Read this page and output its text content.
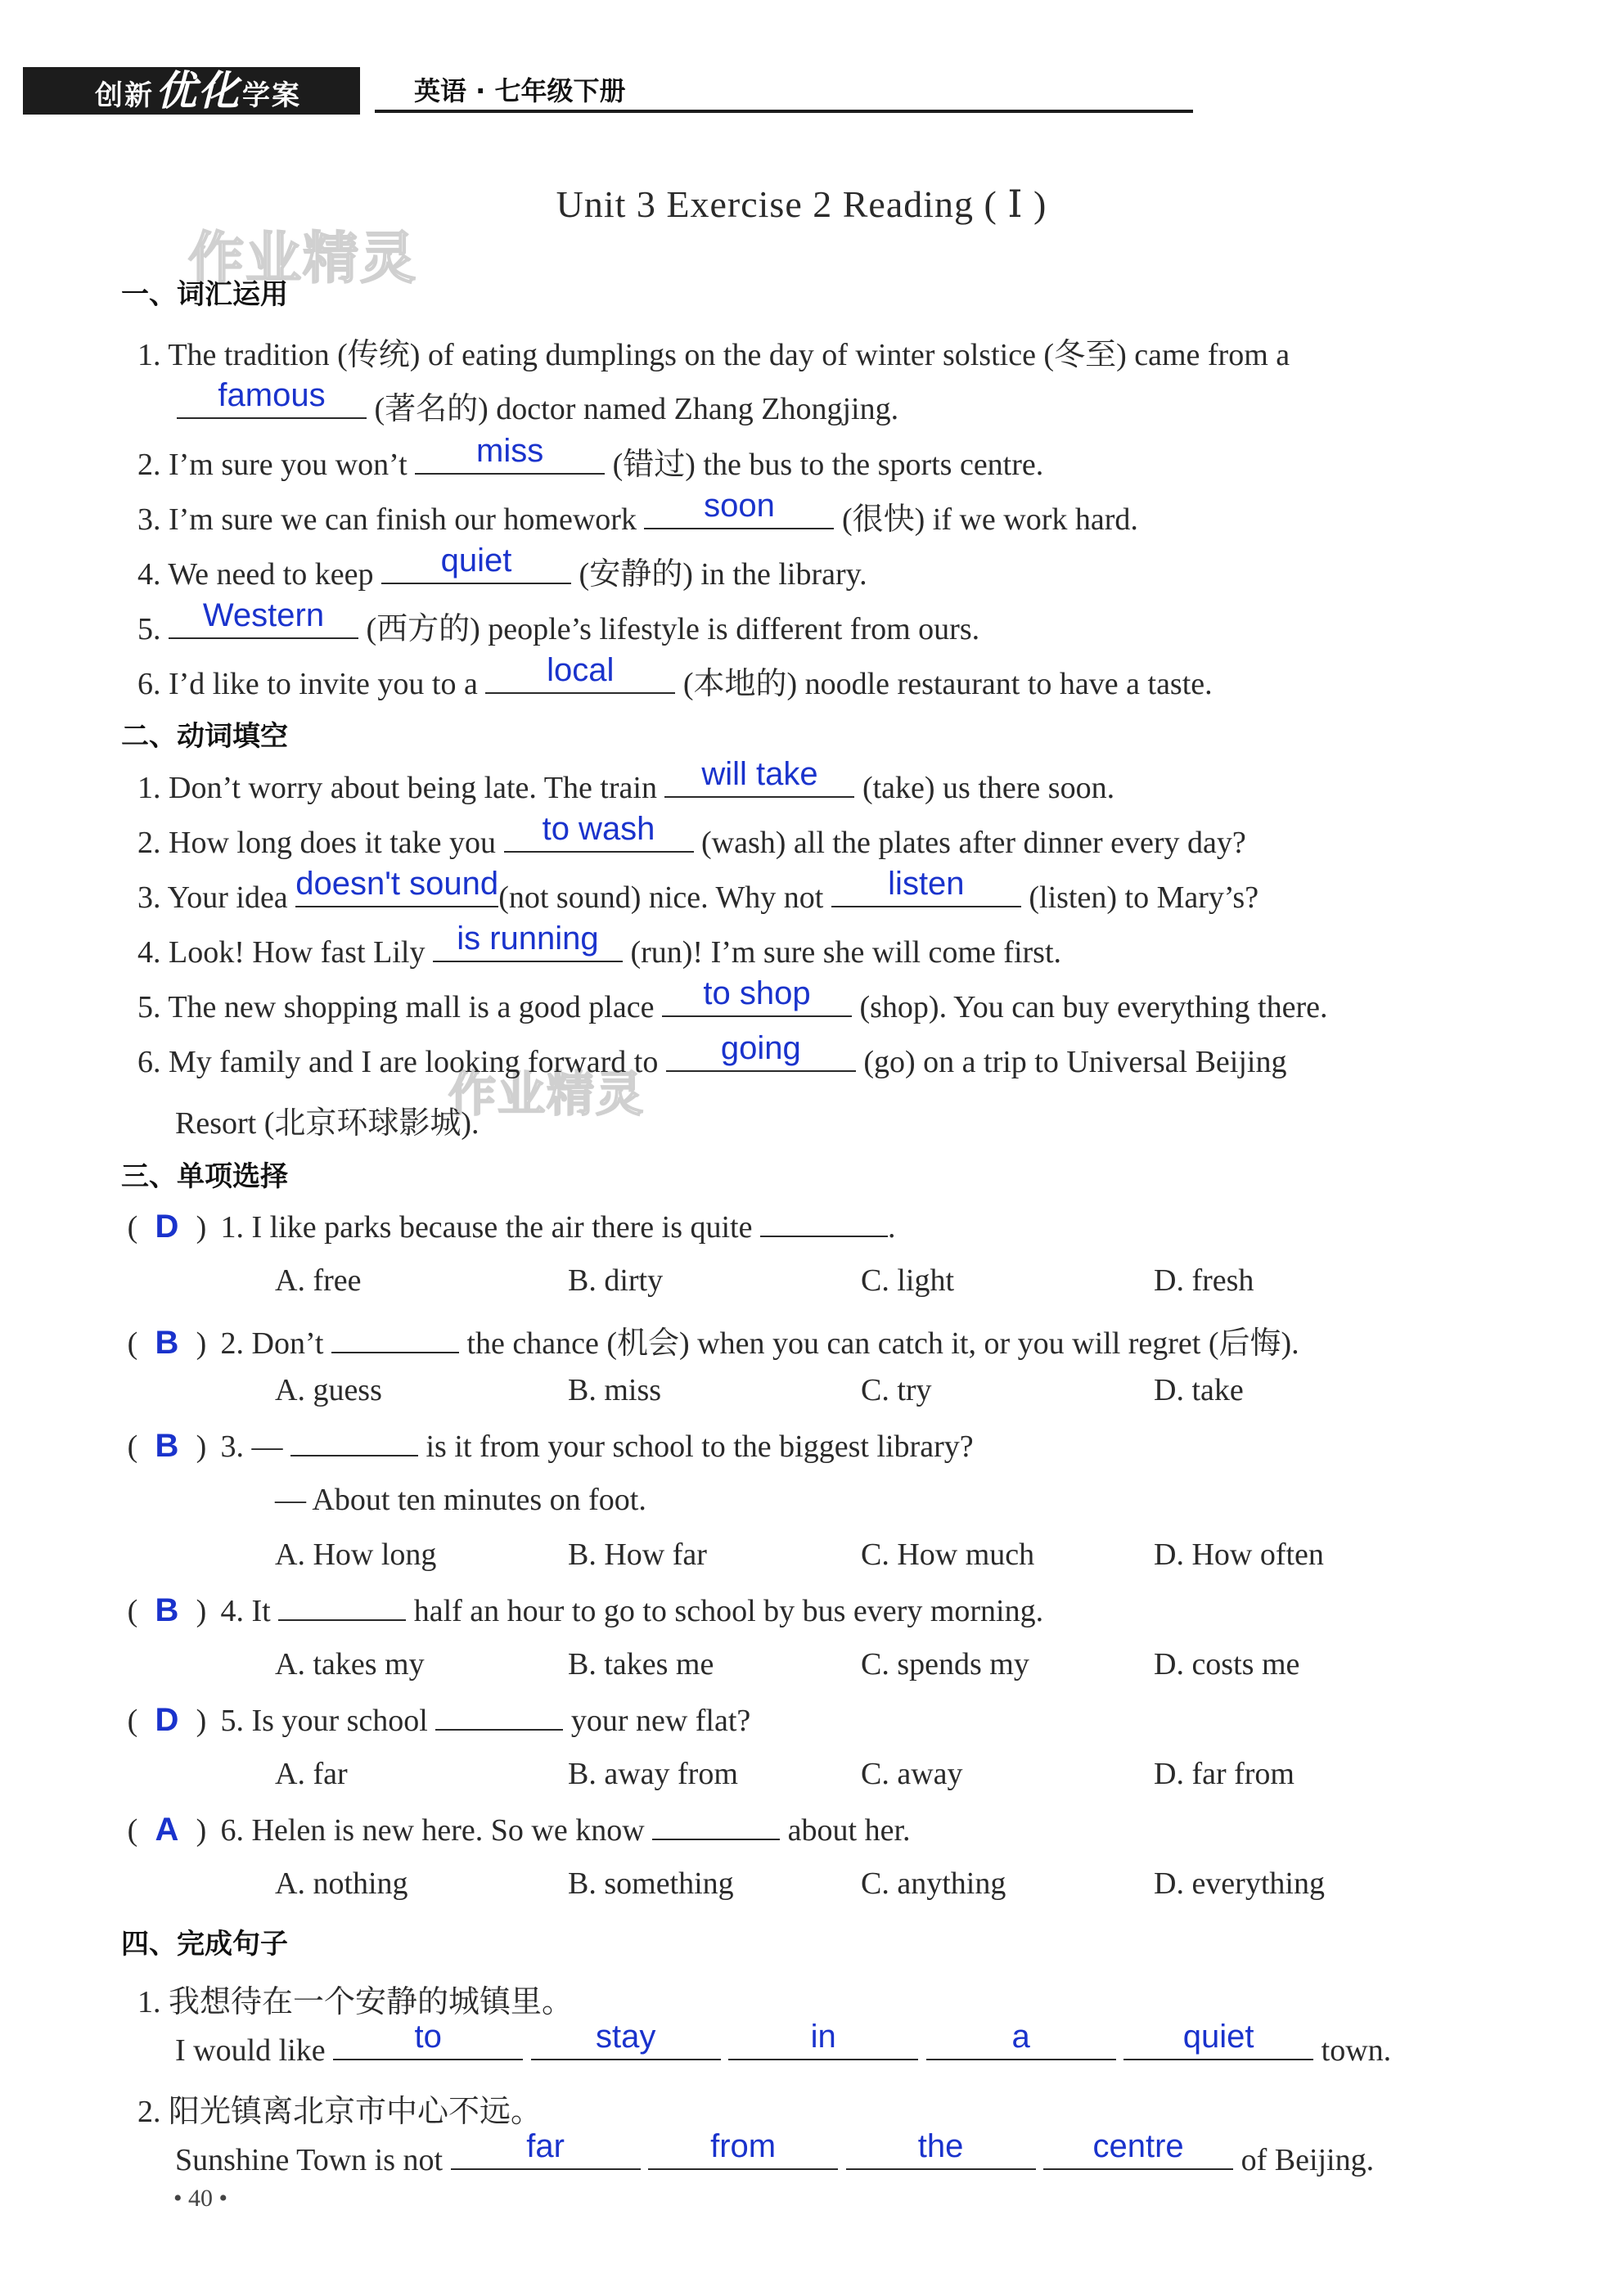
创新优化学案	英语 · 七年级下册
Unit 3 Exercise 2 Reading ( Ⅰ )
作业精灵
作业精灵
一、词汇运用
1. The tradition (传统) of eating dumplings on the day of winter solstice (冬至) came from a
famous	(著名的) doctor named Zhang Zhongjing.
2. I’m sure you won’t	miss	(错过) the bus to the sports centre.
3. I’m sure we can finish our homework	soon	(很快) if we work hard.
4. We need to keep	quiet	(安静的) in the library.
5.	Western	(西方的) people’s lifestyle is different from ours.
6. I’d like to invite you to a	local	(本地的) noodle restaurant to have a taste.
二、动词填空
1. Don’t worry about being late. The train	will take	(take) us there soon.
2. How long does it take you	to wash	(wash) all the plates after dinner every day?
3. Your idea doesn't sound (not sound) nice. Why not	listen	(listen) to Mary’s?
4. Look! How fast Lily is running	(run)! I’m sure she will come first.
5. The new shopping mall is a good place	to shop	(shop). You can buy everything there.
6. My family and I are looking forward to	going	(go) on a trip to Universal Beijing
Resort (北京环球影城).
三、单项选择
( D ) 1. I like parks because the air there is quite	.
A. free	B. dirty	C. light	D. fresh
( B ) 2. Don’t	the chance (机会) when you can catch it, or you will regret (后悔).
A. guess	B. miss	C. try	D. take
( B ) 3. —	is it from your school to the biggest library?
— About ten minutes on foot.
A. How long	B. How far	C. How much	D. How often
( B ) 4. It	half an hour to go to school by bus every morning.
A. takes my	B. takes me	C. spends my	D. costs me
( D ) 5. Is your school	your new flat?
A. far	B. away from	C. away	D. far from
( A ) 6. Helen is new here. So we know	about her.
A. nothing	B. something	C. anything	D. everything
四、完成句子
1. 我想待在一个安静的城镇里。
I would like	to
	stay
	in
	a
	quiet	town.
2. 阳光镇离北京市中心不远。
Sunshine Town is not	far
	from
	the
	centre	of Beijing.
• 40 •
